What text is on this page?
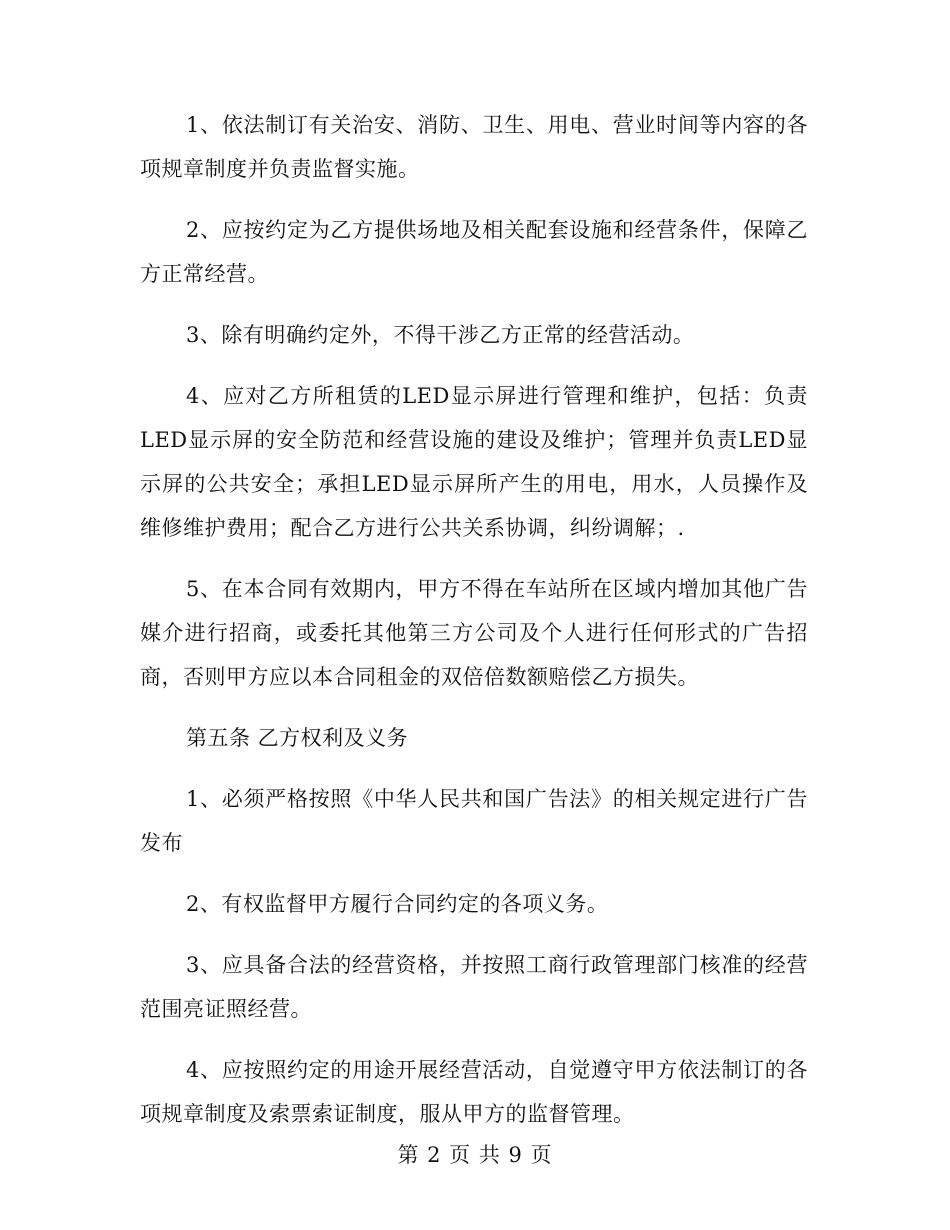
1、依法制订有关治安、消防、卫生、用电、营业时间等内容的各项规章制度并负责监督实施。

2、应按约定为乙方提供场地及相关配套设施和经营条件，保障乙方正常经营。

3、除有明确约定外，不得干涉乙方正常的经营活动。

4、应对乙方所租赁的LED显示屏进行管理和维护，包括：负责LED显示屏的安全防范和经营设施的建设及维护；管理并负责LED显示屏的公共安全；承担LED显示屏所产生的用电，用水，人员操作及维修维护费用；配合乙方进行公共关系协调，纠纷调解；.

5、在本合同有效期内，甲方不得在车站所在区域内增加其他广告媒介进行招商，或委托其他第三方公司及个人进行任何形式的广告招商，否则甲方应以本合同租金的双倍倍数额赔偿乙方损失。

第五条 乙方权利及义务

1、必须严格按照《中华人民共和国广告法》的相关规定进行广告发布

2、有权监督甲方履行合同约定的各项义务。

3、应具备合法的经营资格，并按照工商行政管理部门核准的经营范围亮证照经营。

4、应按照约定的用途开展经营活动，自觉遵守甲方依法制订的各项规章制度及索票索证制度，服从甲方的监督管理。

第 2 页 共 9 页
